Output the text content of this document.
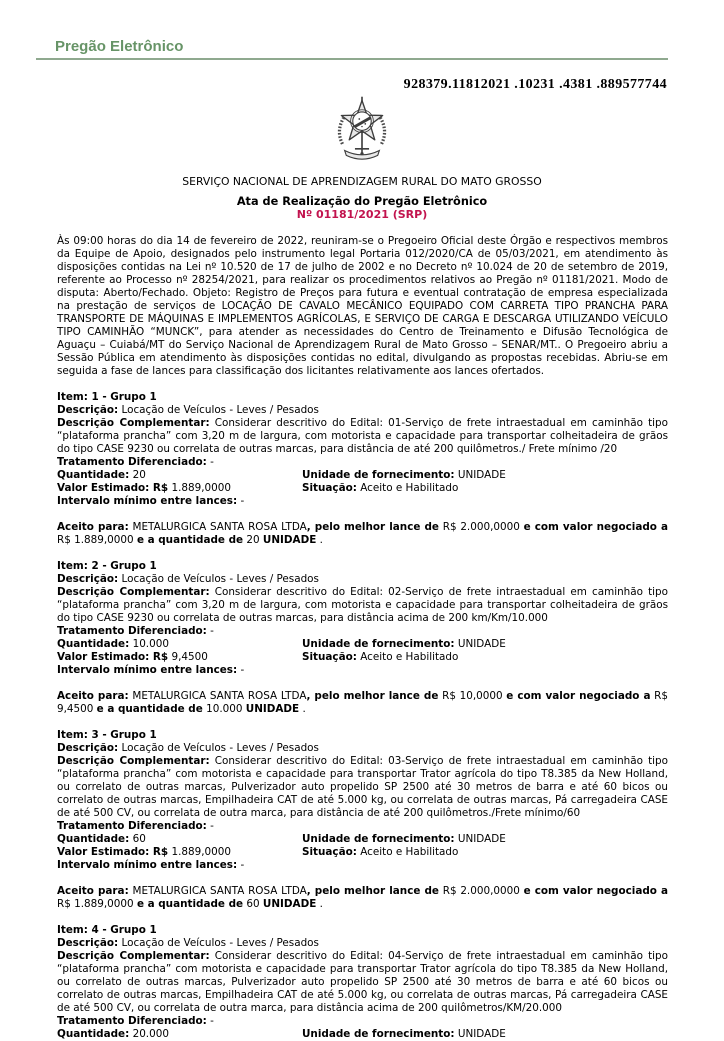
Pregão Eletrônico
928379.11812021 .10231 .4381 .889577744
SERVIÇO NACIONAL DE APRENDIZAGEM RURAL DO MATO GROSSO
Ata de Realização do Pregão Eletrônico
Nº 01181/2021 (SRP)

Às 09:00 horas do dia 14 de fevereiro de 2022, reuniram-se o Pregoeiro Oficial deste Órgão e respectivos membros da Equipe de Apoio, designados pelo instrumento legal Portaria 012/2020/CA de 05/03/2021, em atendimento às disposições contidas na Lei nº 10.520 de 17 de julho de 2002 e no Decreto nº 10.024 de 20 de setembro de 2019, referente ao Processo nº 28254/2021, para realizar os procedimentos relativos ao Pregão nº 01181/2021. Modo de disputa: Aberto/Fechado. Objeto: Registro de Preços para futura e eventual contratação de empresa especializada na prestação de serviços de LOCAÇÃO DE CAVALO MECÂNICO EQUIPADO COM CARRETA TIPO PRANCHA PARA TRANSPORTE DE MÁQUINAS E IMPLEMENTOS AGRÍCOLAS, E SERVIÇO DE CARGA E DESCARGA UTILIZANDO VEÍCULO TIPO CAMINHÃO “MUNCK”, para atender as necessidades do Centro de Treinamento e Difusão Tecnológica de Aguaçu – Cuiabá/MT do Serviço Nacional de Aprendizagem Rural de Mato Grosso – SENAR/MT.. O Pregoeiro abriu a Sessão Pública em atendimento às disposições contidas no edital, divulgando as propostas recebidas. Abriu-se em seguida a fase de lances para classificação dos licitantes relativamente aos lances ofertados.

Item: 1 - Grupo 1
Descrição: Locação de Veículos - Leves / Pesados
Descrição Complementar: Considerar descritivo do Edital: 01-Serviço de frete intraestadual em caminhão tipo “plataforma prancha” com 3,20 m de largura, com motorista e capacidade para transportar colheitadeira de grãos do tipo CASE 9230 ou correlata de outras marcas, para distância de até 200 quilômetros./ Frete mínimo /20
Tratamento Diferenciado: -
Quantidade: 20	Unidade de fornecimento: UNIDADE
Valor Estimado: R$ 1.889,0000	Situação: Aceito e Habilitado
Intervalo mínimo entre lances: -

Aceito para: METALURGICA SANTA ROSA LTDA, pelo melhor lance de R$ 2.000,0000 e com valor negociado a R$ 1.889,0000 e a quantidade de 20 UNIDADE .

Item: 2 - Grupo 1
Descrição: Locação de Veículos - Leves / Pesados
Descrição Complementar: Considerar descritivo do Edital: 02-Serviço de frete intraestadual em caminhão tipo “plataforma prancha” com 3,20 m de largura, com motorista e capacidade para transportar colheitadeira de grãos do tipo CASE 9230 ou correlata de outras marcas, para distância acima de 200 km/Km/10.000
Tratamento Diferenciado: -
Quantidade: 10.000	Unidade de fornecimento: UNIDADE
Valor Estimado: R$ 9,4500	Situação: Aceito e Habilitado
Intervalo mínimo entre lances: -

Aceito para: METALURGICA SANTA ROSA LTDA, pelo melhor lance de R$ 10,0000 e com valor negociado a R$ 9,4500 e a quantidade de 10.000 UNIDADE .

Item: 3 - Grupo 1
Descrição: Locação de Veículos - Leves / Pesados
Descrição Complementar: Considerar descritivo do Edital: 03-Serviço de frete intraestadual em caminhão tipo “plataforma prancha” com motorista e capacidade para transportar Trator agrícola do tipo T8.385 da New Holland, ou correlato de outras marcas, Pulverizador auto propelido SP 2500 até 30 metros de barra e até 60 bicos ou correlato de outras marcas, Empilhadeira CAT de até 5.000 kg, ou correlata de outras marcas, Pá carregadeira CASE de até 500 CV, ou correlata de outra marca, para distância de até 200 quilômetros./Frete mínimo/60
Tratamento Diferenciado: -
Quantidade: 60	Unidade de fornecimento: UNIDADE
Valor Estimado: R$ 1.889,0000	Situação: Aceito e Habilitado
Intervalo mínimo entre lances: -

Aceito para: METALURGICA SANTA ROSA LTDA, pelo melhor lance de R$ 2.000,0000 e com valor negociado a R$ 1.889,0000 e a quantidade de 60 UNIDADE .

Item: 4 - Grupo 1
Descrição: Locação de Veículos - Leves / Pesados
Descrição Complementar: Considerar descritivo do Edital: 04-Serviço de frete intraestadual em caminhão tipo “plataforma prancha” com motorista e capacidade para transportar Trator agrícola do tipo T8.385 da New Holland, ou correlato de outras marcas, Pulverizador auto propelido SP 2500 até 30 metros de barra e até 60 bicos ou correlato de outras marcas, Empilhadeira CAT de até 5.000 kg, ou correlata de outras marcas, Pá carregadeira CASE de até 500 CV, ou correlata de outra marca, para distância acima de 200 quilômetros/KM/20.000
Tratamento Diferenciado: -
Quantidade: 20.000	Unidade de fornecimento: UNIDADE
